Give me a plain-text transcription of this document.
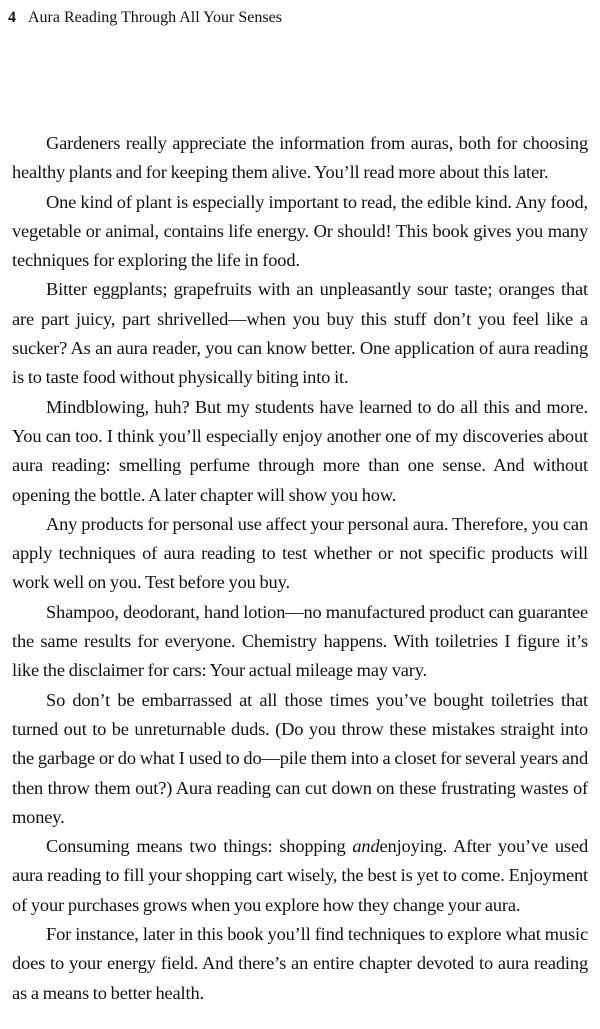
4 Aura Reading Through All Your Senses

Gardeners really appreciate the information from auras, both for choosing healthy plants and for keeping them alive. You’ll read more about this later.

One kind of plant is especially important to read, the edible kind. Any food, vegetable or animal, contains life energy. Or should! This book gives you many techniques for exploring the life in food.

Bitter eggplants; grapefruits with an unpleasantly sour taste; oranges that are part juicy, part shrivelled—when you buy this stuff don’t you feel like a sucker? As an aura reader, you can know better. One application of aura reading is to taste food without physically biting into it.

Mindblowing, huh? But my students have learned to do all this and more. You can too. I think you’ll especially enjoy another one of my discoveries about aura reading: smelling perfume through more than one sense. And without opening the bottle. A later chapter will show you how.

Any products for personal use affect your personal aura. Therefore, you can apply techniques of aura reading to test whether or not specific products will work well on you. Test before you buy.

Shampoo, deodorant, hand lotion—no manufactured product can guarantee the same results for everyone. Chemistry happens. With toiletries I figure it’s like the disclaimer for cars: Your actual mileage may vary.

So don’t be embarrassed at all those times you’ve bought toiletries that turned out to be unreturnable duds. (Do you throw these mistakes straight into the garbage or do what I used to do—pile them into a closet for several years and then throw them out?) Aura reading can cut down on these frustrating wastes of money.

Consuming means two things: shopping andenjoying. After you’ve used aura reading to fill your shopping cart wisely, the best is yet to come. Enjoyment of your purchases grows when you explore how they change your aura.

For instance, later in this book you’ll find techniques to explore what music does to your energy field. And there’s an entire chapter devoted to aura reading as a means to better health.
